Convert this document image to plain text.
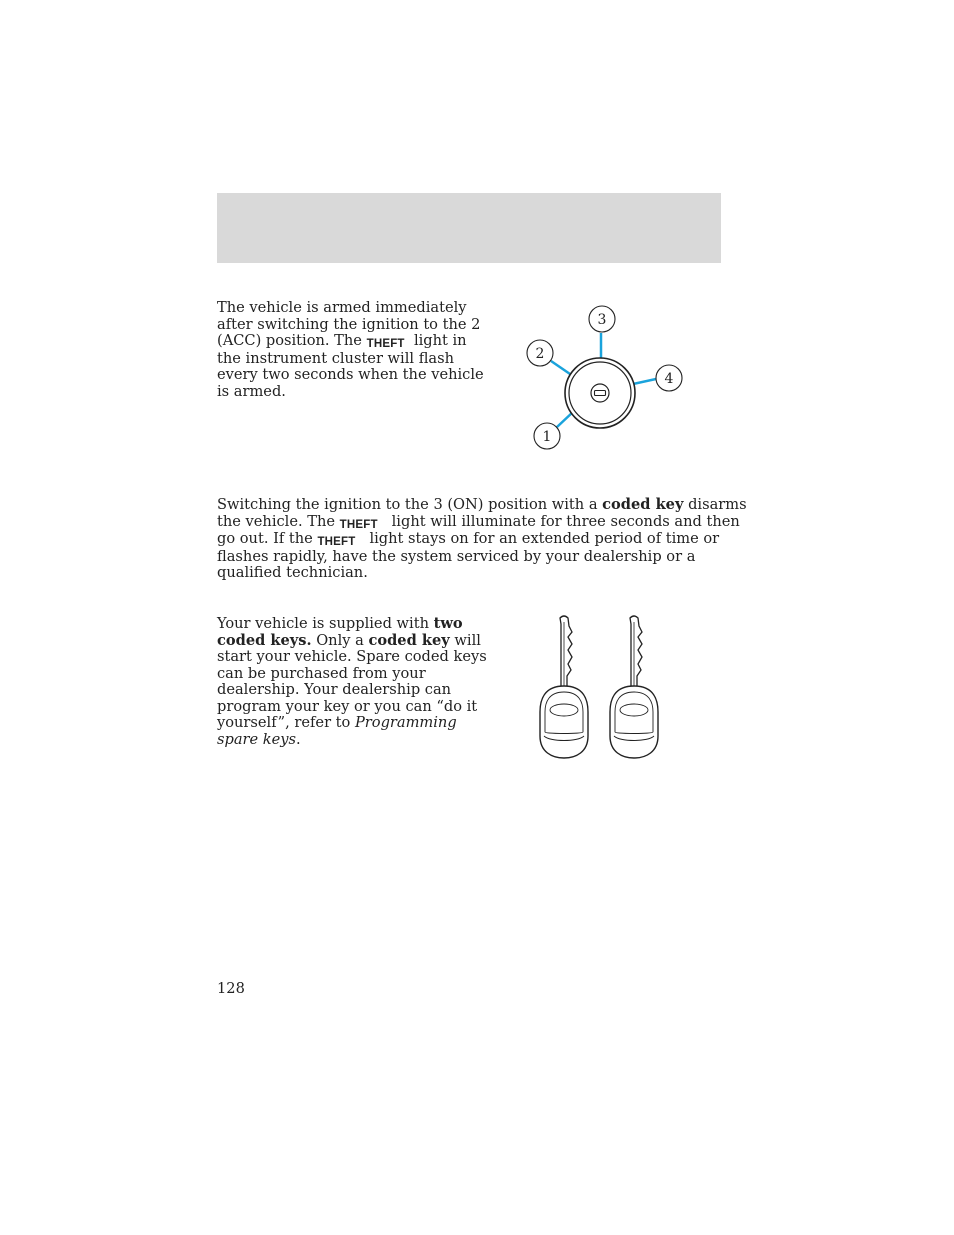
The vehicle is armed immediately
after switching the ignition to the 2
(ACC) position. The THEFT light in
the instrument cluster will flash
every two seconds when the vehicle
is armed.

3
2
4
1

Switching the ignition to the 3 (ON) position with a coded key disarms
the vehicle. The THEFT light will illuminate for three seconds and then
go out. If the THEFT light stays on for an extended period of time or
flashes rapidly, have the system serviced by your dealership or a
qualified technician.

Your vehicle is supplied with two
coded keys. Only a coded key will
start your vehicle. Spare coded keys
can be purchased from your
dealership. Your dealership can
program your key or you can “do it
yourself”, refer to Programming
spare keys.

128
